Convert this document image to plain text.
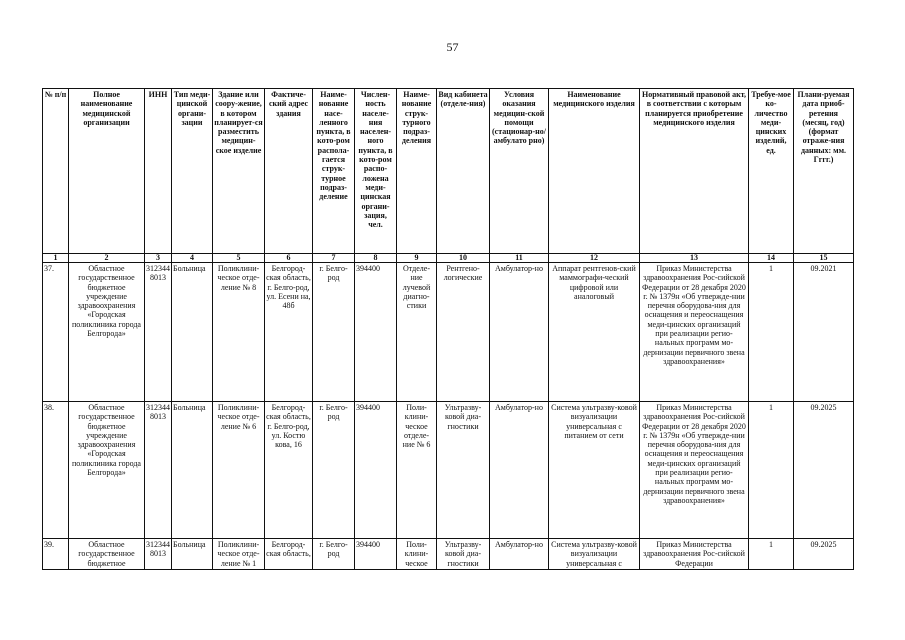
57
№ п/п	Полное наименование медицинской организации	ИНН	Тип меди-цинской органи-зации	Здание или соору-жение, в котором планирует-ся разместить медицин-ское изделие	Фактиче-ский адрес здания	Наиме-нование насе-ленного пункта, в кото-ром распола-гается струк-турное подраз-деление	Числен-ность населе-ния населен-ного пункта, в кото-ром распо-ложена меди-цинская органи-зация, чел.	Наиме-нование струк-турного подраз-деления	Вид кабинета (отделе-ния)	Условия оказания медицин-ской помощи (стационар-но/амбулато рно)	Наименование медицинского изделия	Нормативный правовой акт, в соответствии с которым планируется приобретение медицинского изделия	Требуе-мое ко-личество меди-цинских изделий, ед.	Плани-руемая дата приоб-ретения (месяц, год) (формат отраже-ния данных: мм. Гггг.)
1	2	3	4	5	6	7	8	9	10	11	12	13	14	15
37.	Областное государственное бюджетное учреждение здравоохранения «Городская поликлиника города Белгорода»	3123448013	Больница	Поликлини-ческое отде-ление № 8	Белгород-ская область, г. Белго-род, ул. Есени на, 48б	г. Белго-род	394400	Отделе-ние лучевой диагно-стики	Рентгено-логические	Амбулатор-но	Аппарат рентгенов-ский маммографи-ческий цифровой или аналоговый	Приказ Министерства здравоохранения Рос-сийской Федерации от 28 декабря 2020 г. № 1379н «Об утвержде-нии перечня оборудова-ния для оснащения и переоснащения меди-цинских организаций при реализации регио-нальных программ мо-дернизации первичного звена здравоохранения»	1	09.2021
38.	Областное государственное бюджетное учреждение здравоохранения «Городская поликлиника города Белгорода»	3123448013	Больница	Поликлини-ческое отде-ление № 6	Белгород-ская область, г. Белго-род, ул. Костю кова, 16	г. Белго-род	394400	Поли-клини-ческое отделе-ние № 6	Ультразву-ковой диа-гностики	Амбулатор-но	Система ультразву-ковой визуализации универсальная с питанием от сети	Приказ Министерства здравоохранения Рос-сийской Федерации от 28 декабря 2020 г. № 1379н «Об утвержде-нии перечня оборудова-ния для оснащения и переоснащения меди-цинских организаций при реализации регио-нальных программ мо-дернизации первичного звена здравоохранения»	1	09.2025
39.	Областное государственное бюджетное	3123448013	Больница	Поликлини-ческое отде-ление № 1	Белгород-ская область,	г. Белго-род	394400	Поли-клини-ческое	Ультразву-ковой диа-гностики	Амбулатор-но	Система ультразву-ковой визуализации универсальная с	Приказ Министерства здравоохранения Рос-сийской Федерации	1	09.2025
